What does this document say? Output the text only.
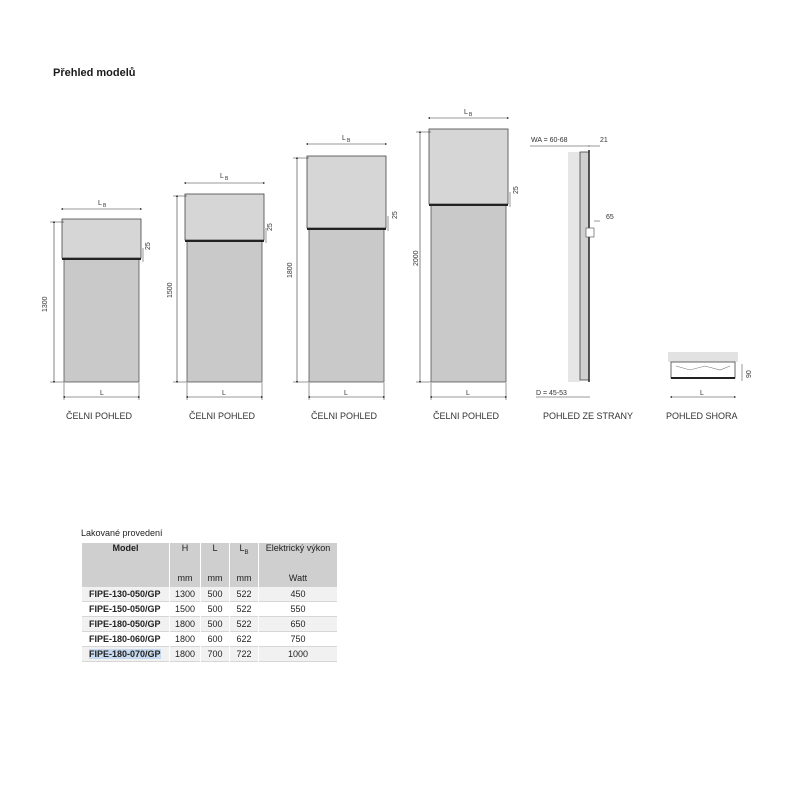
Přehled modelů
1300
L B
25
L
ČELNI POHLED
1500
L B
25
L
ČELNI POHLED
1800
L B
25
L
ČELNI POHLED
2000
L B
25
L
ČELNI POHLED
65
WA = 60-68	21
D = 45-53
POHLED ZE STRANY
90
L
POHLED SHORA
Lakované provedení
Model	H	L	$L_B$	Elektrický výkon
	mm	mm	mm	Watt
FIPE-130-050/GP	1300	500	522	450
FIPE-150-050/GP	1500	500	522	550
FIPE-180-050/GP	1800	500	522	650
FIPE-180-060/GP	1800	600	622	750
FIPE-180-070/GP	1800	700	722	1000
